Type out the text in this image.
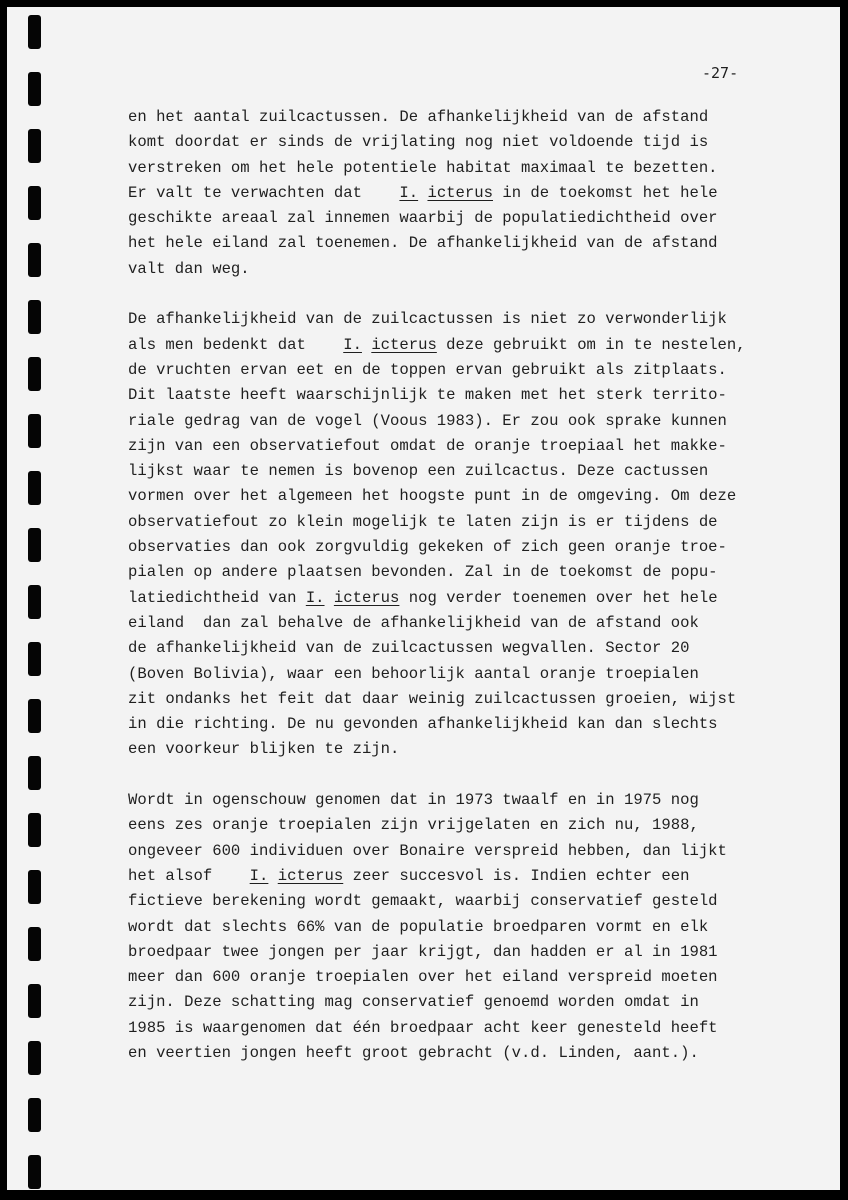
-27-
en het aantal zuilcactussen. De afhankelijkheid van de afstand
komt doordat er sinds de vrijlating nog niet voldoende tijd is
verstreken om het hele potentiele habitat maximaal te bezetten.
Er valt te verwachten dat    I. icterus in de toekomst het hele
geschikte areaal zal innemen waarbij de populatiedichtheid over
het hele eiland zal toenemen. De afhankelijkheid van de afstand
valt dan weg.
De afhankelijkheid van de zuilcactussen is niet zo verwonderlijk
als men bedenkt dat    I. icterus deze gebruikt om in te nestelen,
de vruchten ervan eet en de toppen ervan gebruikt als zitplaats.
Dit laatste heeft waarschijnlijk te maken met het sterk territo-
riale gedrag van de vogel (Voous 1983). Er zou ook sprake kunnen
zijn van een observatiefout omdat de oranje troepiaal het makke-
lijkst waar te nemen is bovenop een zuilcactus. Deze cactussen
vormen over het algemeen het hoogste punt in de omgeving. Om deze
observatiefout zo klein mogelijk te laten zijn is er tijdens de
observaties dan ook zorgvuldig gekeken of zich geen oranje troe-
pialen op andere plaatsen bevonden. Zal in de toekomst de popu-
latiedichtheid van I. icterus nog verder toenemen over het hele
eiland  dan zal behalve de afhankelijkheid van de afstand ook
de afhankelijkheid van de zuilcactussen wegvallen. Sector 20
(Boven Bolivia), waar een behoorlijk aantal oranje troepialen
zit ondanks het feit dat daar weinig zuilcactussen groeien, wijst
in die richting. De nu gevonden afhankelijkheid kan dan slechts
een voorkeur blijken te zijn.
Wordt in ogenschouw genomen dat in 1973 twaalf en in 1975 nog
eens zes oranje troepialen zijn vrijgelaten en zich nu, 1988,
ongeveer 600 individuen over Bonaire verspreid hebben, dan lijkt
het alsof    I. icterus zeer succesvol is. Indien echter een
fictieve berekening wordt gemaakt, waarbij conservatief gesteld
wordt dat slechts 66% van de populatie broedparen vormt en elk
broedpaar twee jongen per jaar krijgt, dan hadden er al in 1981
meer dan 600 oranje troepialen over het eiland verspreid moeten
zijn. Deze schatting mag conservatief genoemd worden omdat in
1985 is waargenomen dat één broedpaar acht keer genesteld heeft
en veertien jongen heeft groot gebracht (v.d. Linden, aant.).
